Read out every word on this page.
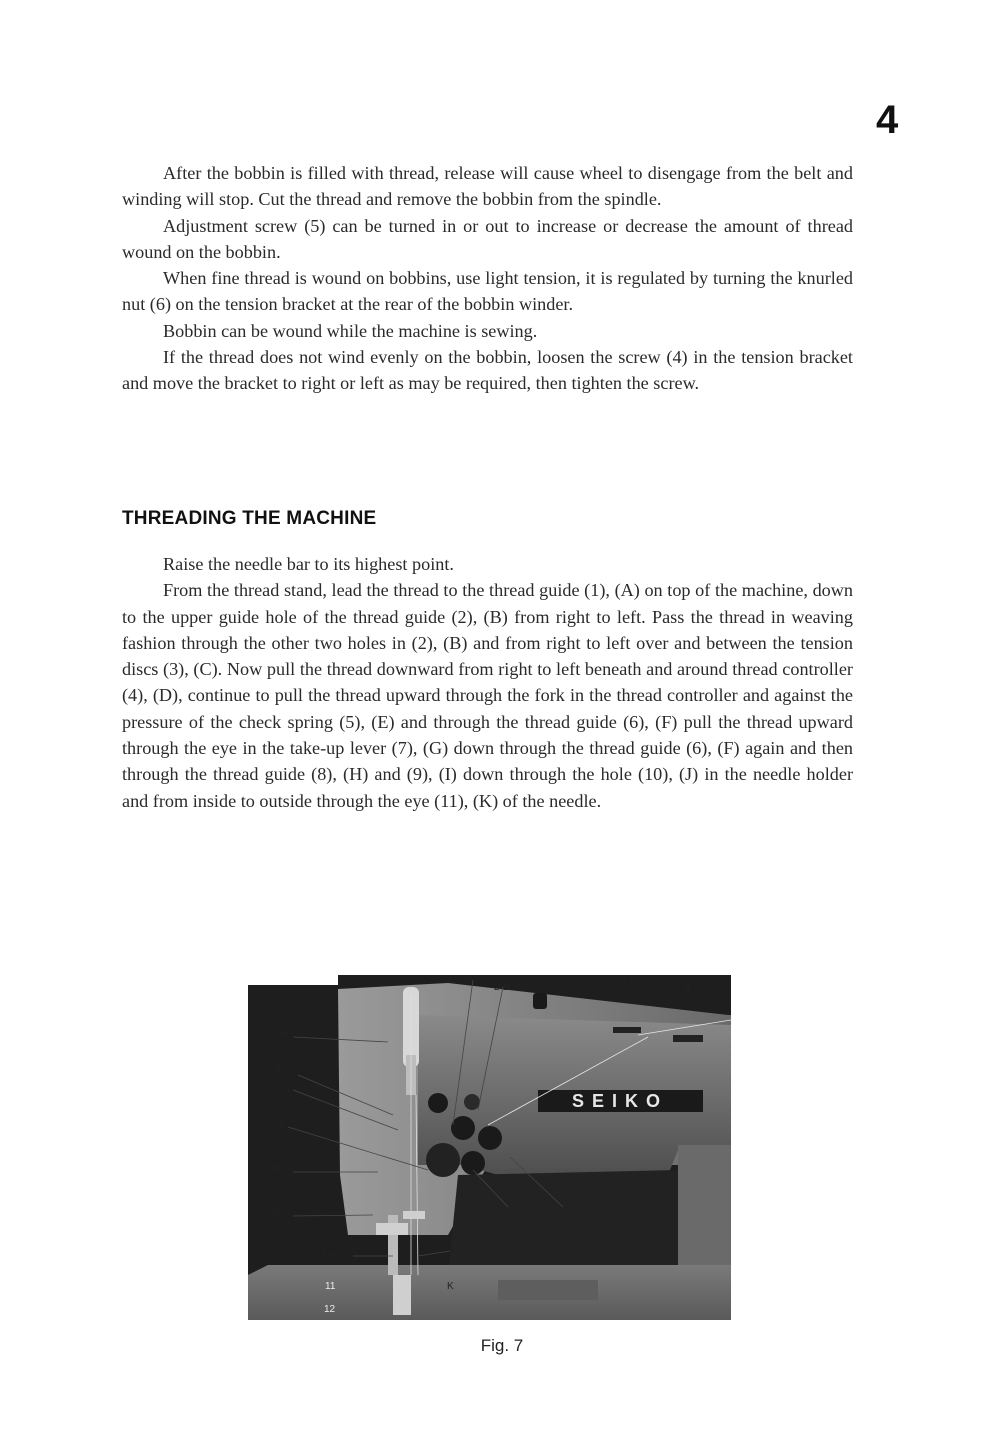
4

After the bobbin is filled with thread, release will cause wheel to disengage from the belt and winding will stop. Cut the thread and remove the bobbin from the spindle.

Adjustment screw (5) can be turned in or out to increase or decrease the amount of thread wound on the bobbin.

When fine thread is wound on bobbins, use light tension, it is regulated by turning the knurled nut (6) on the tension bracket at the rear of the bobbin winder.

Bobbin can be wound while the machine is sewing.

If the thread does not wind evenly on the bobbin, loosen the screw (4) in the tension bracket and move the bracket to right or left as may be required, then tighten the screw.

THREADING THE MACHINE

Raise the needle bar to its highest point.

From the thread stand, lead the thread to the thread guide (1), (A) on top of the machine, down to the upper guide hole of the thread guide (2), (B) from right to left. Pass the thread in weaving fashion through the other two holes in (2), (B) and from right to left over and between the tension discs (3), (C). Now pull the thread downward from right to left beneath and around thread controller (4), (D), continue to pull the thread upward through the fork in the thread controller and against the pressure of the check spring (5), (E) and through the thread guide (6), (F) pull the thread upward through the eye in the take-up lever (7), (G) down through the thread guide (6), (F) again and then through the thread guide (8), (H) and (9), (I) down through the hole (10), (J) in the needle holder and from inside to outside through the eye (11), (K) of the needle.

SEIKO
3
2-B	1
A
7-G
6-F
4
5-E
8-H
9-I
10
J
D	C
11	K
12
Fig. 7
